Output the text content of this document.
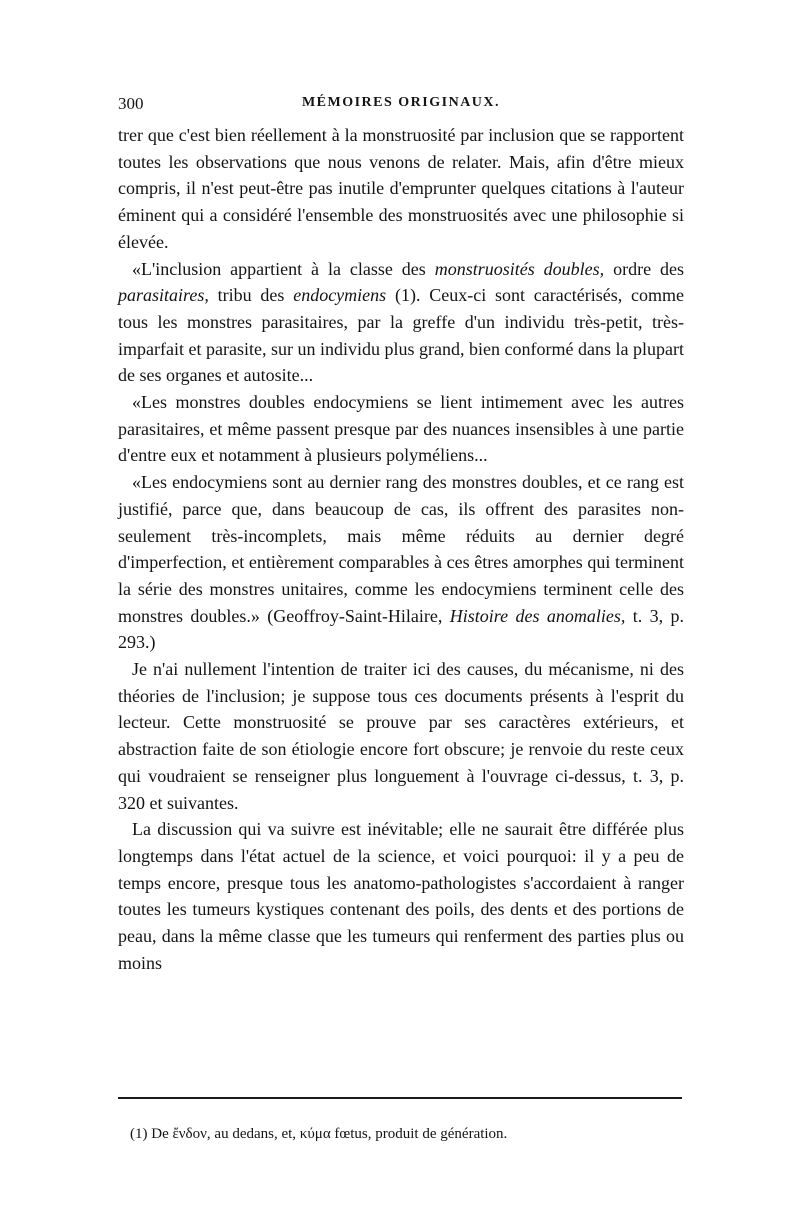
300	MÉMOIRES ORIGINAUX.

trer que c'est bien réellement à la monstruosité par inclusion que se rapportent toutes les observations que nous venons de relater. Mais, afin d'être mieux compris, il n'est peut-être pas inutile d'emprunter quelques citations à l'auteur éminent qui a considéré l'ensemble des monstruosités avec une philosophie si élevée.

«L'inclusion appartient à la classe des monstruosités doubles, ordre des parasitaires, tribu des endocymiens (1). Ceux-ci sont caractérisés, comme tous les monstres parasitaires, par la greffe d'un individu très-petit, très-imparfait et parasite, sur un individu plus grand, bien conformé dans la plupart de ses organes et autosite...

«Les monstres doubles endocymiens se lient intimement avec les autres parasitaires, et même passent presque par des nuances insensibles à une partie d'entre eux et notamment à plusieurs polyméliens...

«Les endocymiens sont au dernier rang des monstres doubles, et ce rang est justifié, parce que, dans beaucoup de cas, ils offrent des parasites non-seulement très-incomplets, mais même réduits au dernier degré d'imperfection, et entièrement comparables à ces êtres amorphes qui terminent la série des monstres unitaires, comme les endocymiens terminent celle des monstres doubles.» (Geoffroy-Saint-Hilaire, Histoire des anomalies, t. 3, p. 293.)

Je n'ai nullement l'intention de traiter ici des causes, du mécanisme, ni des théories de l'inclusion; je suppose tous ces documents présents à l'esprit du lecteur. Cette monstruosité se prouve par ses caractères extérieurs, et abstraction faite de son étiologie encore fort obscure; je renvoie du reste ceux qui voudraient se renseigner plus longuement à l'ouvrage ci-dessus, t. 3, p. 320 et suivantes.

La discussion qui va suivre est inévitable; elle ne saurait être différée plus longtemps dans l'état actuel de la science, et voici pourquoi: il y a peu de temps encore, presque tous les anatomo-pathologistes s'accordaient à ranger toutes les tumeurs kystiques contenant des poils, des dents et des portions de peau, dans la même classe que les tumeurs qui renferment des parties plus ou moins

(1) De ἔνδον, au dedans, et, κύμα fœtus, produit de génération.
